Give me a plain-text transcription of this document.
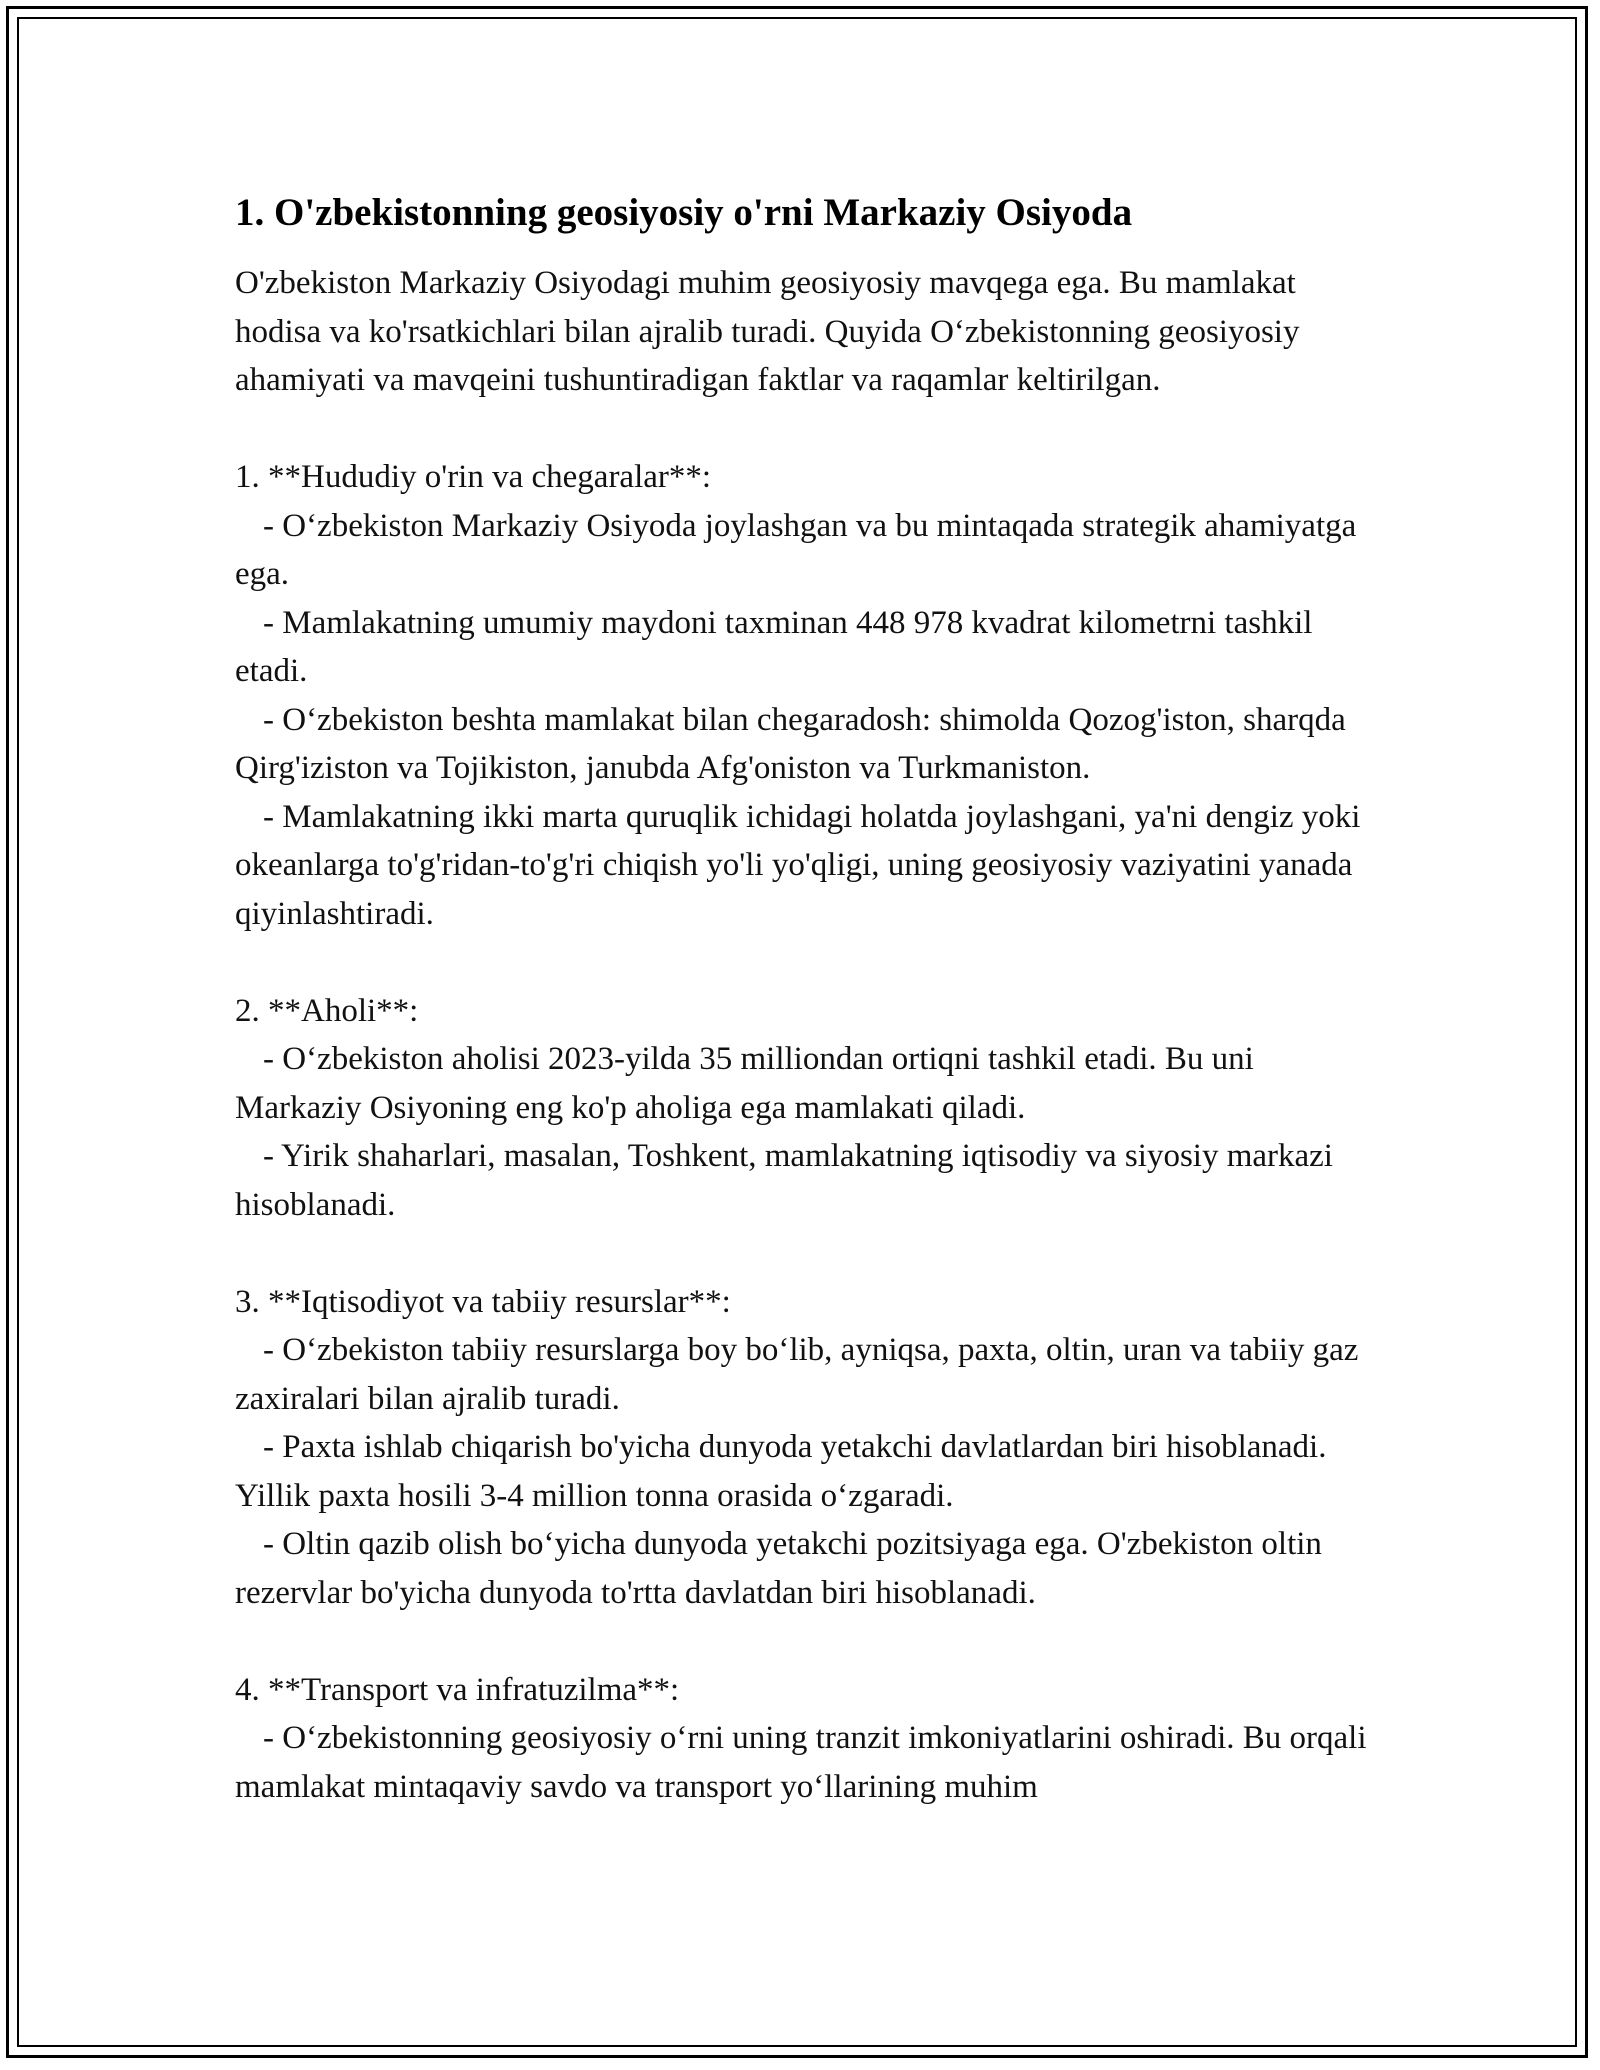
1. O'zbekistonning geosiyosiy o'rni Markaziy Osiyoda

O'zbekiston Markaziy Osiyodagi muhim geosiyosiy mavqega ega. Bu mamlakat hodisa va ko'rsatkichlari bilan ajralib turadi. Quyida O‘zbekistonning geosiyosiy ahamiyati va mavqeini tushuntiradigan faktlar va raqamlar keltirilgan.

1. **Hududiy o'rin va chegaralar**:

- O‘zbekiston Markaziy Osiyoda joylashgan va bu mintaqada strategik ahamiyatga ega.

- Mamlakatning umumiy maydoni taxminan 448 978 kvadrat kilometrni tashkil etadi.

- O‘zbekiston beshta mamlakat bilan chegaradosh: shimolda Qozog'iston, sharqda Qirg'iziston va Tojikiston, janubda Afg'oniston va Turkmaniston.

- Mamlakatning ikki marta quruqlik ichidagi holatda joylashgani, ya'ni dengiz yoki okeanlarga to'g'ridan-to'g'ri chiqish yo'li yo'qligi, uning geosiyosiy vaziyatini yanada qiyinlashtiradi.

2. **Aholi**:

- O‘zbekiston aholisi 2023-yilda 35 milliondan ortiqni tashkil etadi. Bu uni Markaziy Osiyoning eng ko'p aholiga ega mamlakati qiladi.

- Yirik shaharlari, masalan, Toshkent, mamlakatning iqtisodiy va siyosiy markazi hisoblanadi.

3. **Iqtisodiyot va tabiiy resurslar**:

- O‘zbekiston tabiiy resurslarga boy bo‘lib, ayniqsa, paxta, oltin, uran va tabiiy gaz zaxiralari bilan ajralib turadi.

- Paxta ishlab chiqarish bo'yicha dunyoda yetakchi davlatlardan biri hisoblanadi. Yillik paxta hosili 3-4 million tonna orasida o‘zgaradi.

- Oltin qazib olish bo‘yicha dunyoda yetakchi pozitsiyaga ega. O'zbekiston oltin rezervlar bo'yicha dunyoda to'rtta davlatdan biri hisoblanadi.

4. **Transport va infratuzilma**:

- O‘zbekistonning geosiyosiy o‘rni uning tranzit imkoniyatlarini oshiradi. Bu orqali mamlakat mintaqaviy savdo va transport yo‘llarining muhim
